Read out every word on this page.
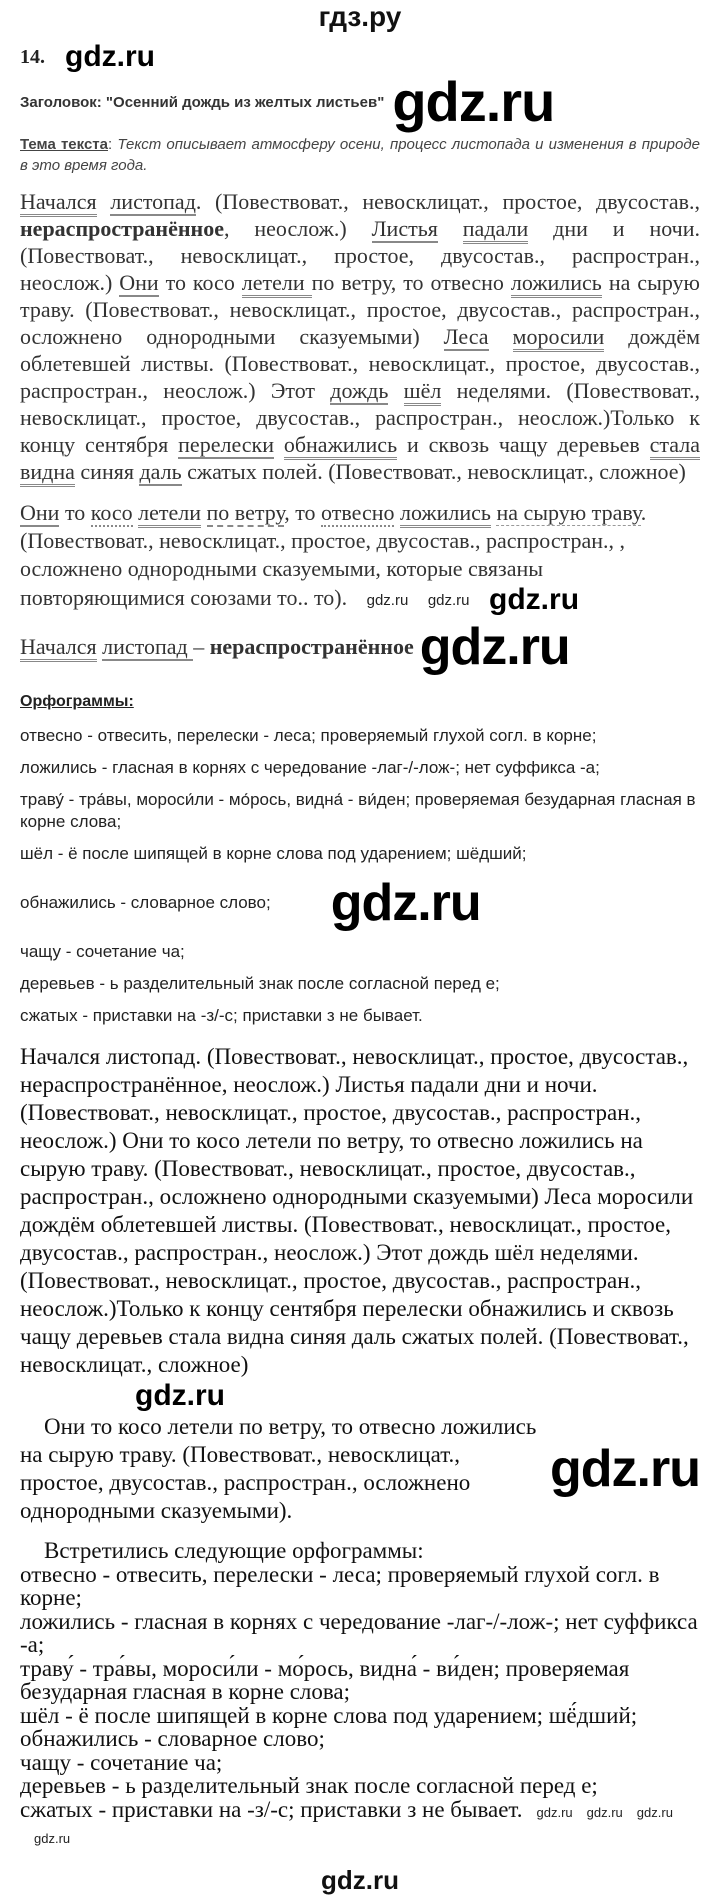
гдз.ру
14. gdz.ru
Заголовок: "Осенний дождь из желтых листьев" gdz.ru
Тема текста: Текст описывает атмосферу осени, процесс листопада и изменения в природе в это время года.
Начался листопад. (Повествоват., невосклицат., простое, двусостав., нераспространённое, неослож.) Листья падали дни и ночи. (Повествоват., невосклицат., простое, двусостав., распростран., неослож.) Они то косо летели по ветру, то отвесно ложились на сырую траву. (Повествоват., невосклицат., простое, двусостав., распростран., осложнено однородными сказуемыми) Леса моросили дождём облетевшей листвы. (Повествоват., невосклицат., простое, двусостав., распростран., неослож.) Этот дождь шёл неделями. (Повествоват., невосклицат., простое, двусостав., распростран., неослож.)Только к концу сентября перелески обнажились и сквозь чащу деревьев стала видна синяя даль сжатых полей. (Повествоват., невосклицат., сложное)
Они то косо летели по ветру, то отвесно ложились на сырую траву.(Повествоват., невосклицат., простое, двусостав., распростран., , осложнено однородными сказуемыми, которые связаны повторяющимися союзами то.. то). gdz.ru gdz.ru gdz.ru
Начался листопад – нераспространённое gdz.ru
Орфограммы:
отвесно - отвесить, перелески - леса; проверяемый глухой согл. в корне;
ложились - гласная в корнях с чередование -лаг-/-лож-; нет суффикса -а;
траву́ - тра́вы, мороси́ли - мо́рось, видна́ - ви́ден; проверяемая безударная гласная в корне слова;
шёл - ё после шипящей в корне слова под ударением; шёдший;
обнажились - словарное слово; gdz.ru
чащу - сочетание ча;
деревьев - ь разделительный знак после согласной перед е;
сжатых - приставки на -з/-с; приставки з не бывает.
Начался листопад. (Повествоват., невосклицат., простое, двусостав., нераспространённое, неослож.) Листья падали дни и ночи. (Повествоват., невосклицат., простое, двусостав., распростран., неослож.) Они то косо летели по ветру, то отвесно ложились на сырую траву. (Повествоват., невосклицат., простое, двусостав., распростран., осложнено однородными сказуемыми) Леса моросили дождём облетевшей листвы. (Повествоват., невосклицат., простое, двусостав., распростран., неослож.) Этот дождь шёл неделями. (Повествоват., невосклицат., простое, двусостав., распростран., неослож.)Только к концу сентября перелески обнажились и сквозь чащу деревьев стала видна синяя даль сжатых полей. (Повествоват., невосклицат., сложное)
gdz.ru
gdz.ru
Они то косо летели по ветру, то отвесно ложились на сырую траву. (Повествоват., невосклицат., простое, двусостав., распростран., осложнено однородными сказуемыми).
Встретились следующие орфограммы:
отвесно - отвесить, перелески - леса; проверяемый глухой согл. в корне;
ложились - гласная в корнях с чередование -лаг-/-лож-; нет суффикса -а;
траву́ - тра́вы, мороси́ли - мо́рось, видна́ - ви́ден; проверяемая безударная гласная в корне слова;
шёл - ё после шипящей в корне слова под ударением; шё́дший;
обнажились - словарное слово;
чащу - сочетание ча;
деревьев - ь разделительный знак после согласной перед е;
сжатых - приставки на -з/-с; приставки з не бывает. gdz.ru gdz.ru gdz.rugdz.ru
gdz.ru
